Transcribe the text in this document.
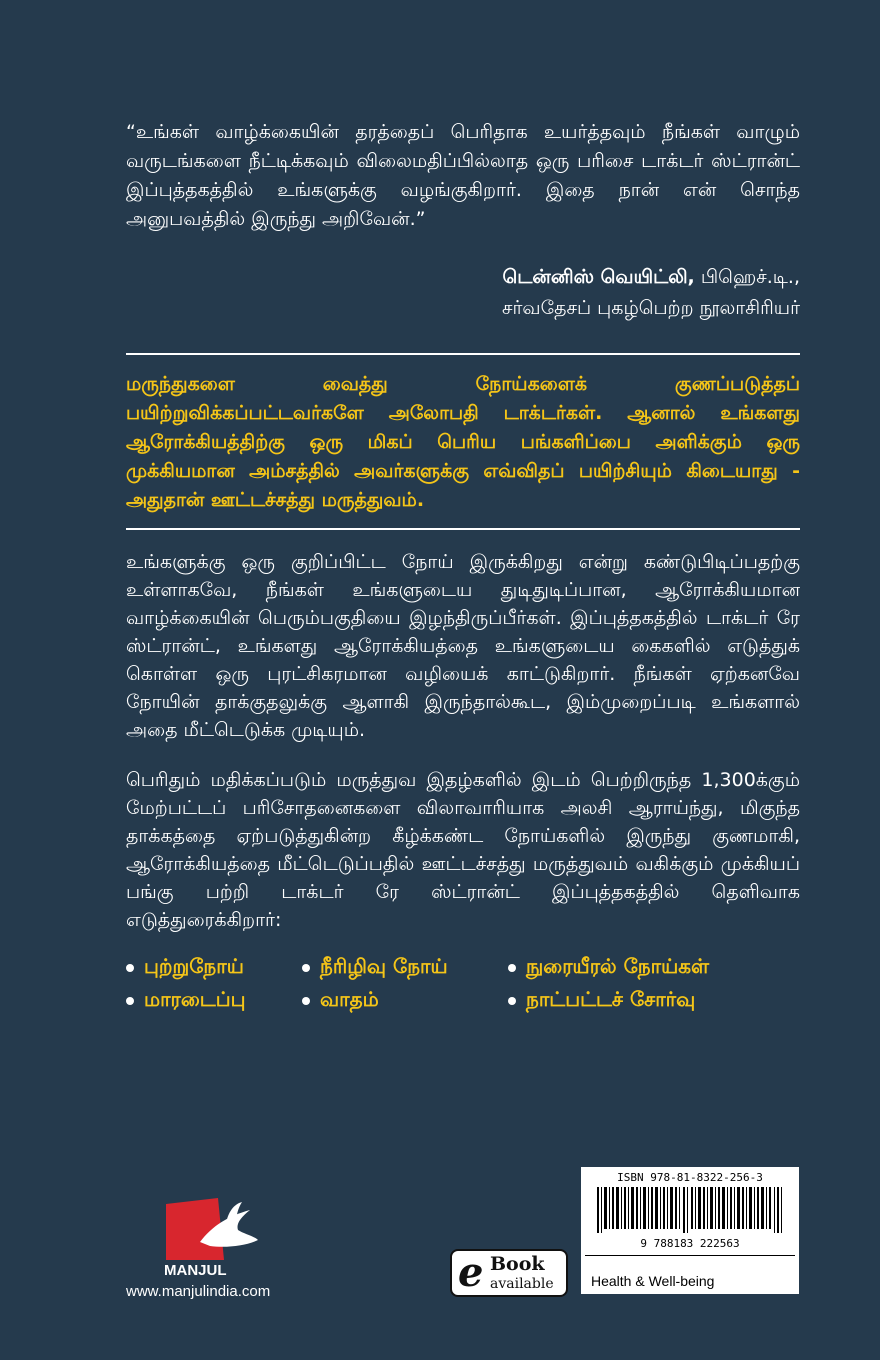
“உங்கள் வாழ்க்கையின் தரத்தைப் பெரிதாக உயர்த்தவும் நீங்கள் வாழும் வருடங்களை நீட்டிக்கவும் விலைமதிப்பில்லாத ஒரு பரிசை டாக்டர் ஸ்ட்ரான்ட் இப்புத்தகத்தில் உங்களுக்கு வழங்குகிறார். இதை நான் என் சொந்த அனுபவத்தில் இருந்து அறிவேன்.”

டென்னிஸ் வெயிட்லி, பிஹெச்.டி.,

சர்வதேசப் புகழ்பெற்ற நூலாசிரியர்

மருந்துகளை வைத்து நோய்களைக் குணப்படுத்தப் பயிற்றுவிக்கப்பட்டவர்களே அலோபதி டாக்டர்கள். ஆனால் உங்களது ஆரோக்கியத்திற்கு ஒரு மிகப் பெரிய பங்களிப்பை அளிக்கும் ஒரு முக்கியமான அம்சத்தில் அவர்களுக்கு எவ்விதப் பயிற்சியும் கிடையாது - அதுதான் ஊட்டச்சத்து மருத்துவம்.

உங்களுக்கு ஒரு குறிப்பிட்ட நோய் இருக்கிறது என்று கண்டுபிடிப்பதற்கு உள்ளாகவே, நீங்கள் உங்களுடைய துடிதுடிப்பான, ஆரோக்கியமான வாழ்க்கையின் பெரும்பகுதியை இழந்திருப்பீர்கள். இப்புத்தகத்தில் டாக்டர் ரே ஸ்ட்ரான்ட், உங்களது ஆரோக்கியத்தை உங்களுடைய கைகளில் எடுத்துக் கொள்ள ஒரு புரட்சிகரமான வழியைக் காட்டுகிறார். நீங்கள் ஏற்கனவே நோயின் தாக்குதலுக்கு ஆளாகி இருந்தால்கூட, இம்முறைப்படி உங்களால் அதை மீட்டெடுக்க முடியும்.

பெரிதும் மதிக்கப்படும் மருத்துவ இதழ்களில் இடம் பெற்றிருந்த 1,300க்கும் மேற்பட்டப் பரிசோதனைகளை விலாவாரியாக அலசி ஆராய்ந்து, மிகுந்த தாக்கத்தை ஏற்படுத்துகின்ற கீழ்க்கண்ட நோய்களில் இருந்து குணமாகி, ஆரோக்கியத்தை மீட்டெடுப்பதில் ஊட்டச்சத்து மருத்துவம் வகிக்கும் முக்கியப் பங்கு பற்றி டாக்டர் ரே ஸ்ட்ரான்ட் இப்புத்தகத்தில் தெளிவாக எடுத்துரைக்கிறார்:

புற்றுநோய்	நீரிழிவு நோய்	நுரையீரல் நோய்கள்

மாரடைப்பு	வாதம்	நாட்பட்டச் சோர்வு

MANJUL

www.manjulindia.com	e Book
available

ISBN 978-81-8322-256-3

9 788183 222563

Health & Well-being
